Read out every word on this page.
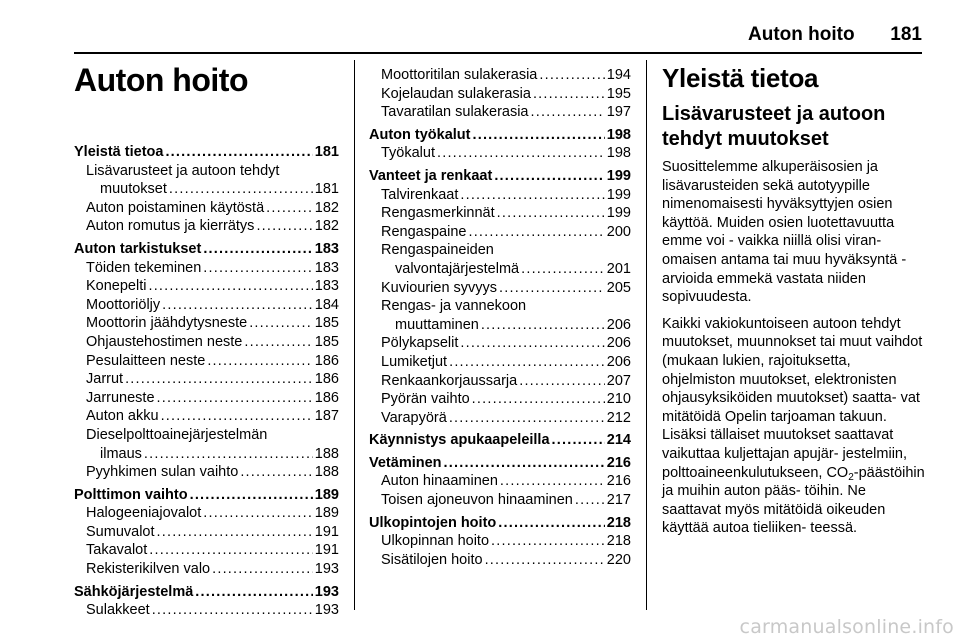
Auton hoito 181
Auton hoito
Yleistä tietoa .....	181
Lisävarusteet ja autoon tehdyt
muutokset .....	181
Auton poistaminen käytöstä .....	182
Auton romutus ja kierrätys .....	182
Auton tarkistukset .....	183
Töiden tekeminen .....	183
Konepelti .....	183
Moottoriöljy .....	184
Moottorin jäähdytysneste .....	185
Ohjaustehostimen neste .....	185
Pesulaitteen neste .....	186
Jarrut .....	186
Jarruneste .....	186
Auton akku .....	187
Dieselpolttoainejärjestelmän
ilmaus .....	188
Pyyhkimen sulan vaihto .....	188
Polttimon vaihto .....	189
Halogeeniajovalot .....	189
Sumuvalot .....	191
Takavalot .....	191
Rekisterikilven valo .....	193
Sähköjärjestelmä .....	193
Sulakkeet .....	193
Moottoritilan sulakerasia .....	194
Kojelaudan sulakerasia .....	195
Tavaratilan sulakerasia .....	197
Auton työkalut .....	198
Työkalut .....	198
Vanteet ja renkaat .....	199
Talvirenkaat .....	199
Rengasmerkinnät .....	199
Rengaspaine .....	200
Rengaspaineiden
valvontajärjestelmä .....	201
Kuviourien syvyys .....	205
Rengas- ja vannekoon
muuttaminen .....	206
Pölykapselit .....	206
Lumiketjut .....	206
Renkaankorjaussarja .....	207
Pyörän vaihto .....	210
Varapyörä .....	212
Käynnistys apukaapeleilla .....	214
Vetäminen .....	216
Auton hinaaminen .....	216
Toisen ajoneuvon hinaaminen ..... 217
Ulkopintojen hoito .....	218
Ulkopinnan hoito .....	218
Sisätilojen hoito .....	220
Yleistä tietoa
Lisävarusteet ja autoon tehdyt muutokset

Suosittelemme alkuperäisosien ja lisävarusteiden sekä autotyypille nimenomaisesti hyväksyttyjen osien käyttöä. Muiden osien luotettavuutta emme voi - vaikka niillä olisi viran- omaisen antama tai muu hyväksyntä - arvioida emmekä vastata niiden sopivuudesta.

Kaikki vakiokuntoiseen autoon tehdyt muutokset, muunnokset tai muut vaihdot (mukaan lukien, rajoituksetta, ohjelmiston muutokset, elektronisten ohjausyksiköiden muutokset) saatta- vat mitätöidä Opelin tarjoaman takuun. Lisäksi tällaiset muutokset saattavat vaikuttaa kuljettajan apujär- jestelmiin, polttoaineenkulutukseen, $CO_2$-päästöihin ja muihin auton pääs- töihin. Ne saattavat myös mitätöidä oikeuden käyttää autoa tieliiken- teessä.

carmanualsonline.info
